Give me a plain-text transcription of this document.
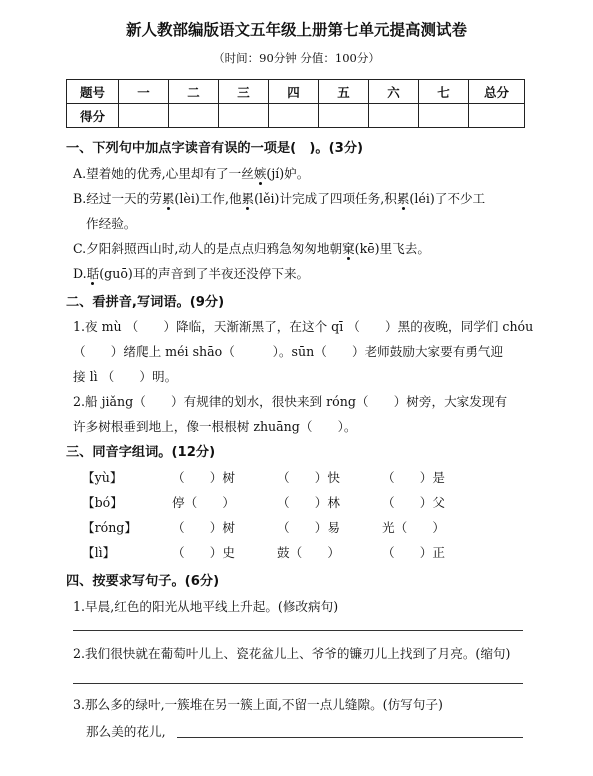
新人教部编版语文五年级上册第七单元提高测试卷
（时间：90分钟 分值：100分）
题号	一	二	三	四	五	六	七	总分
得分								
一、下列句中加点字读音有误的一项是(　)。(3分)
A.望着她的优秀,心里却有了一丝嫉(jí)妒。
B.经过一天的劳累(lèi)工作,他累(lěi)计完成了四项任务,积累(léi)了不少工
作经验。
C.夕阳斜照西山时,动人的是点点归鸦急匆匆地朝窠(kē)里飞去。
D.聒(guō)耳的声音到了半夜还没停下来。
二、看拼音,写词语。(9分)
1.夜 mù （　　）降临，天渐渐黑了，在这个 qī （　　）黑的夜晚，同学们 chóu
（　　）绪爬上 méi shāo（　　　）。sūn（　　）老师鼓励大家要有勇气迎
接 lì （　　）明。
2.船 jiǎng（　　）有规律的划水，很快来到 róng（　　）树旁，大家发现有
许多树根垂到地上，像一根根树 zhuāng（　　）。
三、同音字组词。(12分)
【yù】	（　　）树	（　　）快	（　　）是
【bó】	停（　　）	（　　）林	（　　）父
【róng】	（　　）树	（　　）易	光（　　）
【lì】	（　　）史	鼓（　　）	（　　）正
四、按要求写句子。(6分)
1.早晨,红色的阳光从地平线上升起。(修改病句)
2.我们很快就在葡萄叶儿上、瓷花盆儿上、爷爷的镰刃儿上找到了月亮。(缩句)
3.那么多的绿叶,一簇堆在另一簇上面,不留一点儿缝隙。(仿写句子)
那么美的花儿,
